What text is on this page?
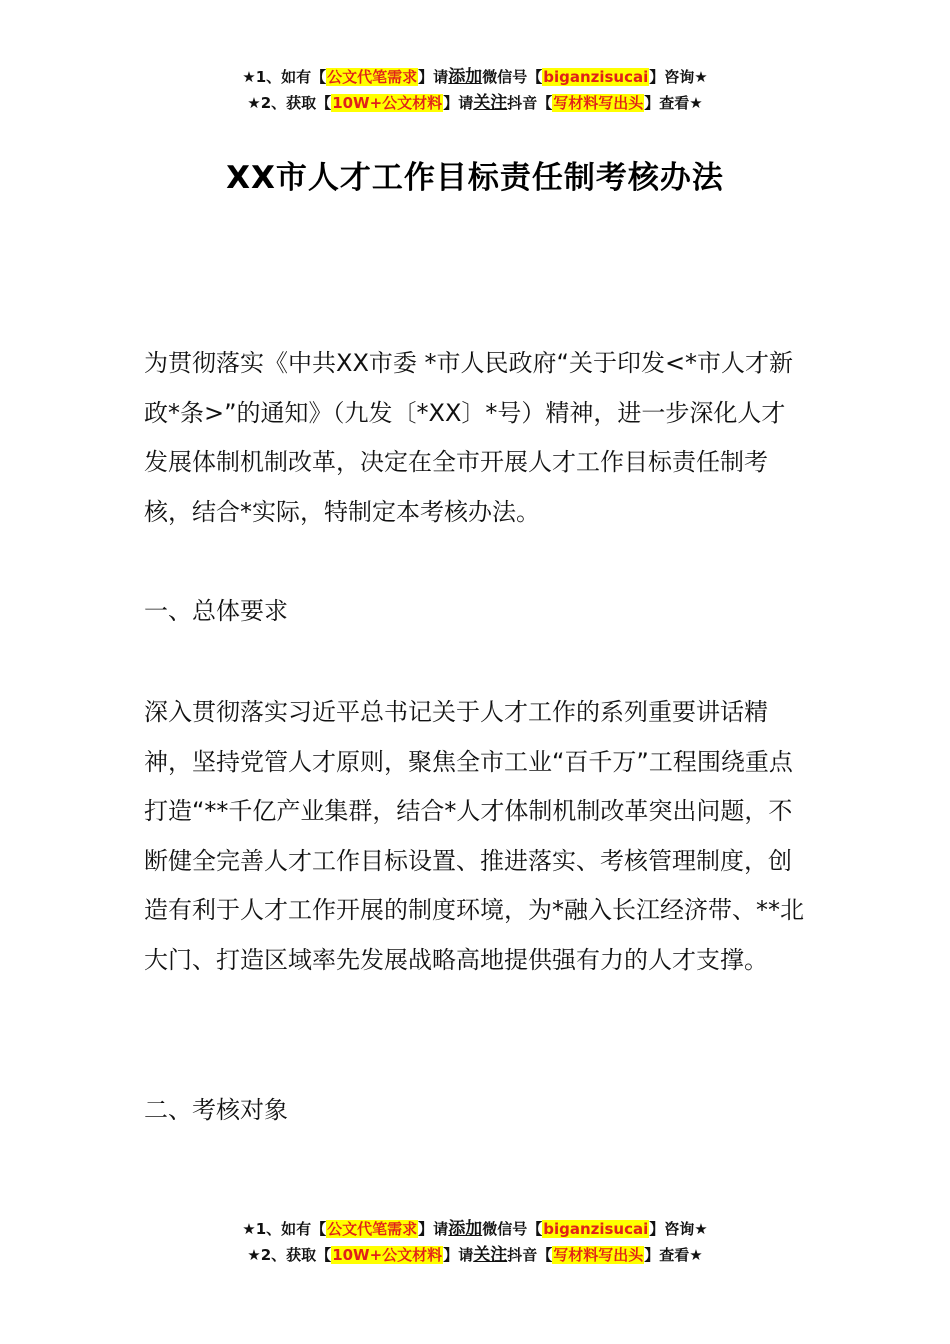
★1、如有【公文代笔需求】请添加微信号【biganzisucai】咨询★
★2、获取【10W+公文材料】请关注抖音【写材料写出头】查看★
XX市人才工作目标责任制考核办法

为贯彻落实《中共XX市委 *市人民政府“关于印发<*市人才新政*条>”的通知》（九发〔*XX〕*号）精神，进一步深化人才发展体制机制改革，决定在全市开展人才工作目标责任制考核，结合*实际，特制定本考核办法。

一、总体要求

深入贯彻落实习近平总书记关于人才工作的系列重要讲话精神，坚持党管人才原则，聚焦全市工业“百千万”工程围绕重点打造“**千亿产业集群，结合*人才体制机制改革突出问题，不断健全完善人才工作目标设置、推进落实、考核管理制度，创造有利于人才工作开展的制度环境，为*融入长江经济带、**北大门、打造区域率先发展战略高地提供强有力的人才支撑。

二、考核对象

★1、如有【公文代笔需求】请添加微信号【biganzisucai】咨询★
★2、获取【10W+公文材料】请关注抖音【写材料写出头】查看★
